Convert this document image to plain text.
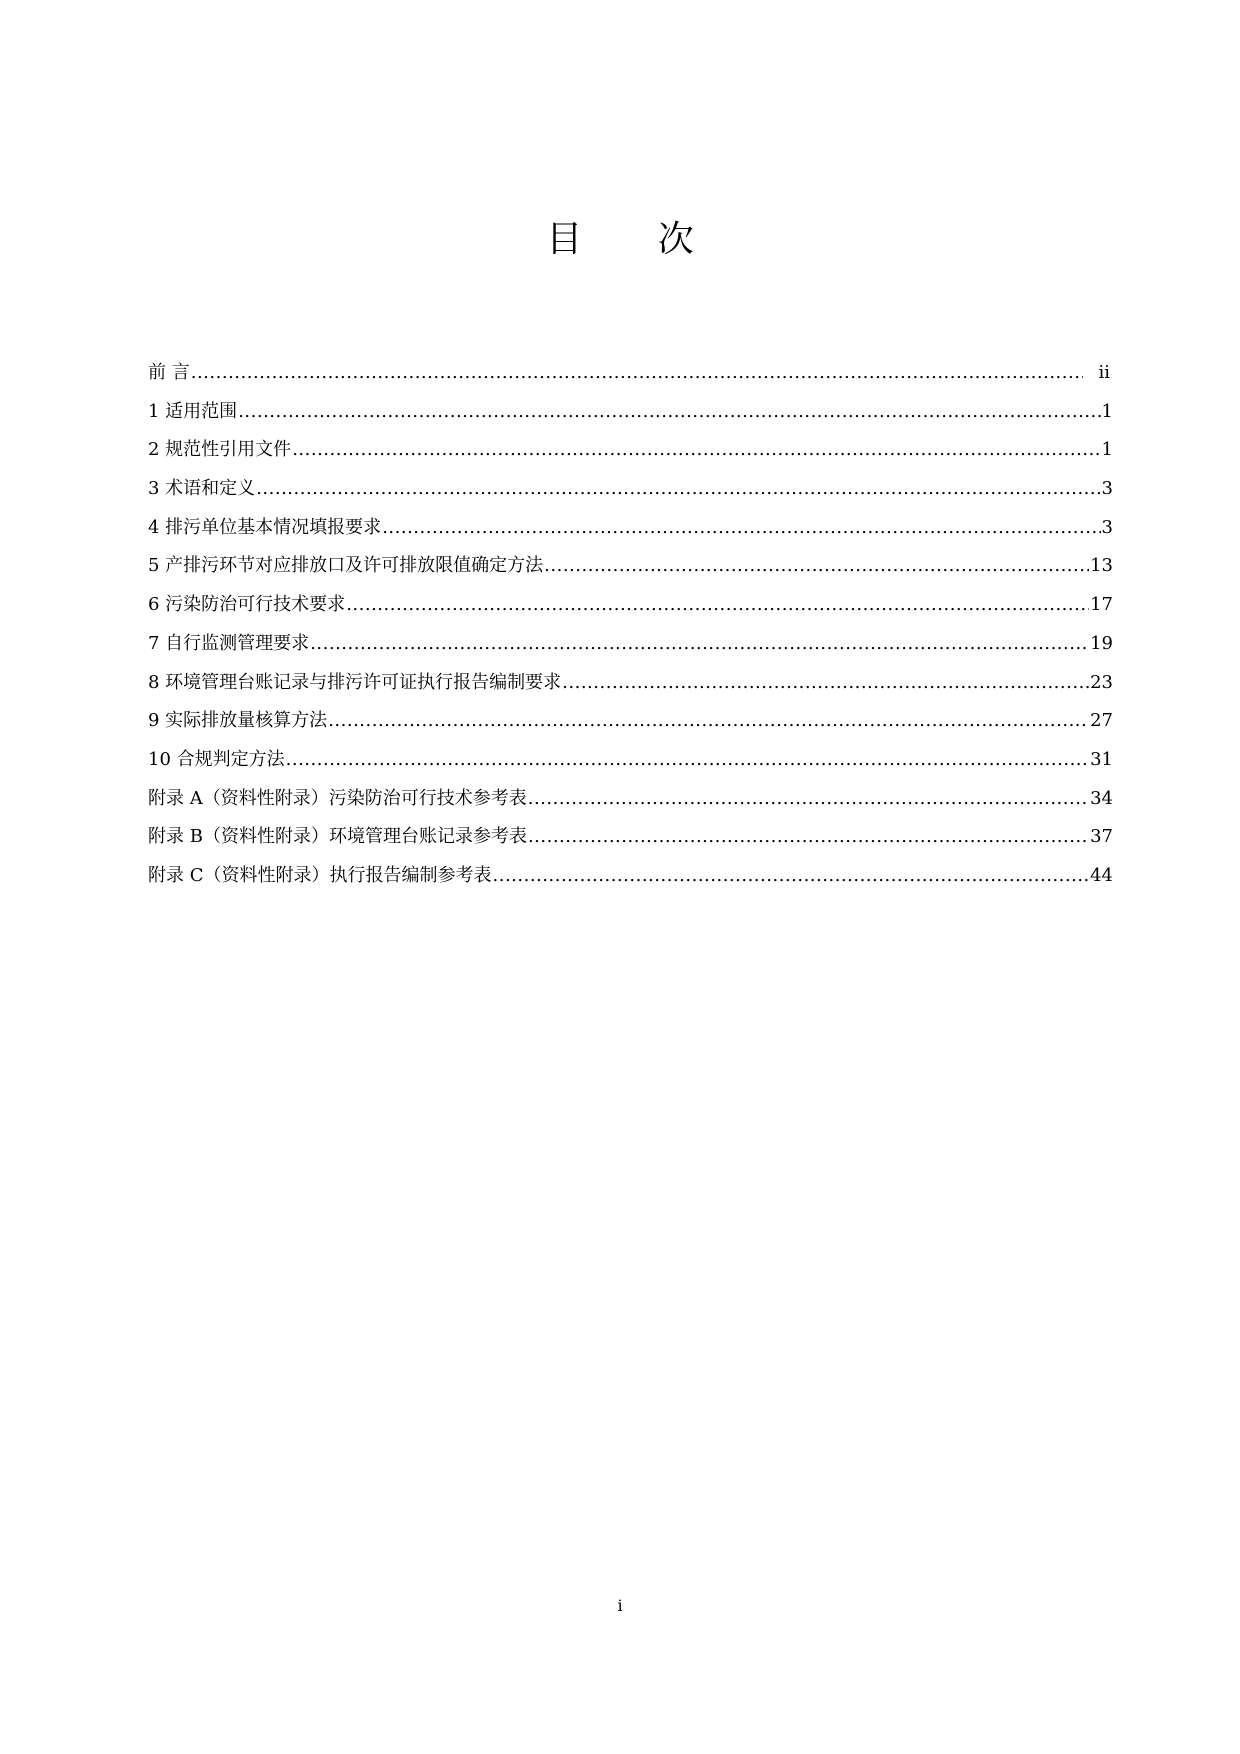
目 次
前 言 .....	ii
1 适用范围 .....	1
2 规范性引用文件 .....	1
3 术语和定义 .....	3
4 排污单位基本情况填报要求 .....	3
5 产排污环节对应排放口及许可排放限值确定方法 .....	13
6 污染防治可行技术要求 .....	17
7 自行监测管理要求 .....	19
8 环境管理台账记录与排污许可证执行报告编制要求 .....	23
9 实际排放量核算方法 .....	27
10 合规判定方法 .....	31
附录 A（资料性附录）污染防治可行技术参考表 .....	34
附录 B（资料性附录）环境管理台账记录参考表 .....	37
附录 C（资料性附录）执行报告编制参考表 .....	44
i
